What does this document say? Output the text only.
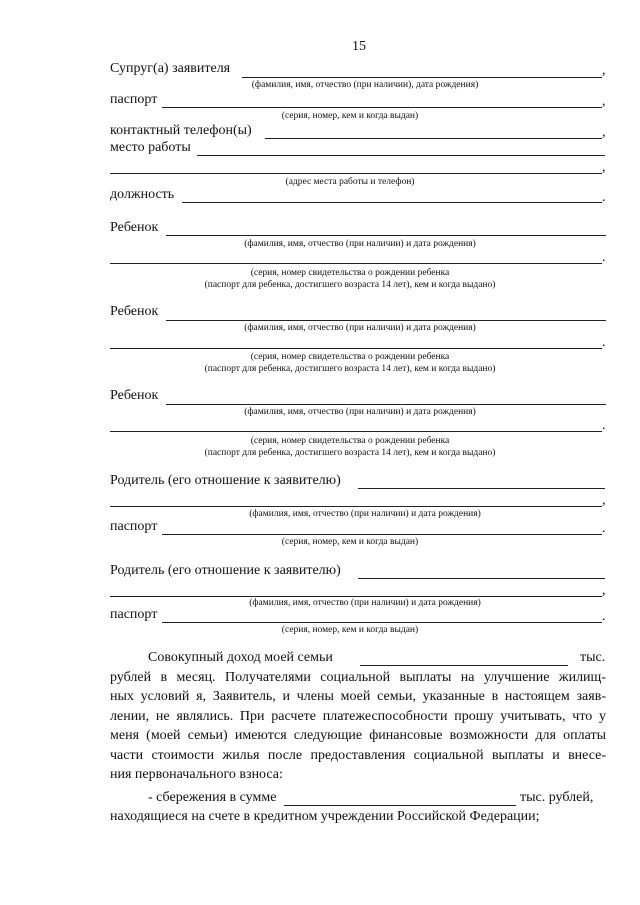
15
Супруг(а) заявителя	,
(фамилия, имя, отчество (при наличии), дата рождения)
паспорт	,
(серия, номер, кем и когда выдан)
контактный телефон(ы)	,
место работы
,
(адрес места работы и телефон)
должность	.
Ребенок
(фамилия, имя, отчество (при наличии) и дата рождения)
.
(серия, номер свидетельства о рождении ребенка
(паспорт для ребенка, достигшего возраста 14 лет), кем и когда выдано)
Ребенок
(фамилия, имя, отчество (при наличии) и дата рождения)
.
(серия, номер свидетельства о рождении ребенка
(паспорт для ребенка, достигшего возраста 14 лет), кем и когда выдано)
Ребенок
(фамилия, имя, отчество (при наличии) и дата рождения)
.
(серия, номер свидетельства о рождении ребенка
(паспорт для ребенка, достигшего возраста 14 лет), кем и когда выдано)
Родитель (его отношение к заявителю)
,
(фамилия, имя, отчество (при наличии) и дата рождения)
паспорт	.
(серия, номер, кем и когда выдан)
Родитель (его отношение к заявителю)
,
(фамилия, имя, отчество (при наличии) и дата рождения)
паспорт	.
(серия, номер, кем и когда выдан)
Совокупный доход моей семьи	тыс.
рублей в месяц. Получателями социальной выплаты на улучшение жилищ-
ных условий я, Заявитель, и члены моей семьи, указанные в настоящем заяв-
лении, не являлись. При расчете платежеспособности прошу учитывать, что у
меня (моей семьи) имеются следующие финансовые возможности для оплаты
части стоимости жилья после предоставления социальной выплаты и внесе-
ния первоначального взноса:
- сбережения в сумме	тыс. рублей,
находящиеся на счете в кредитном учреждении Российской Федерации;
